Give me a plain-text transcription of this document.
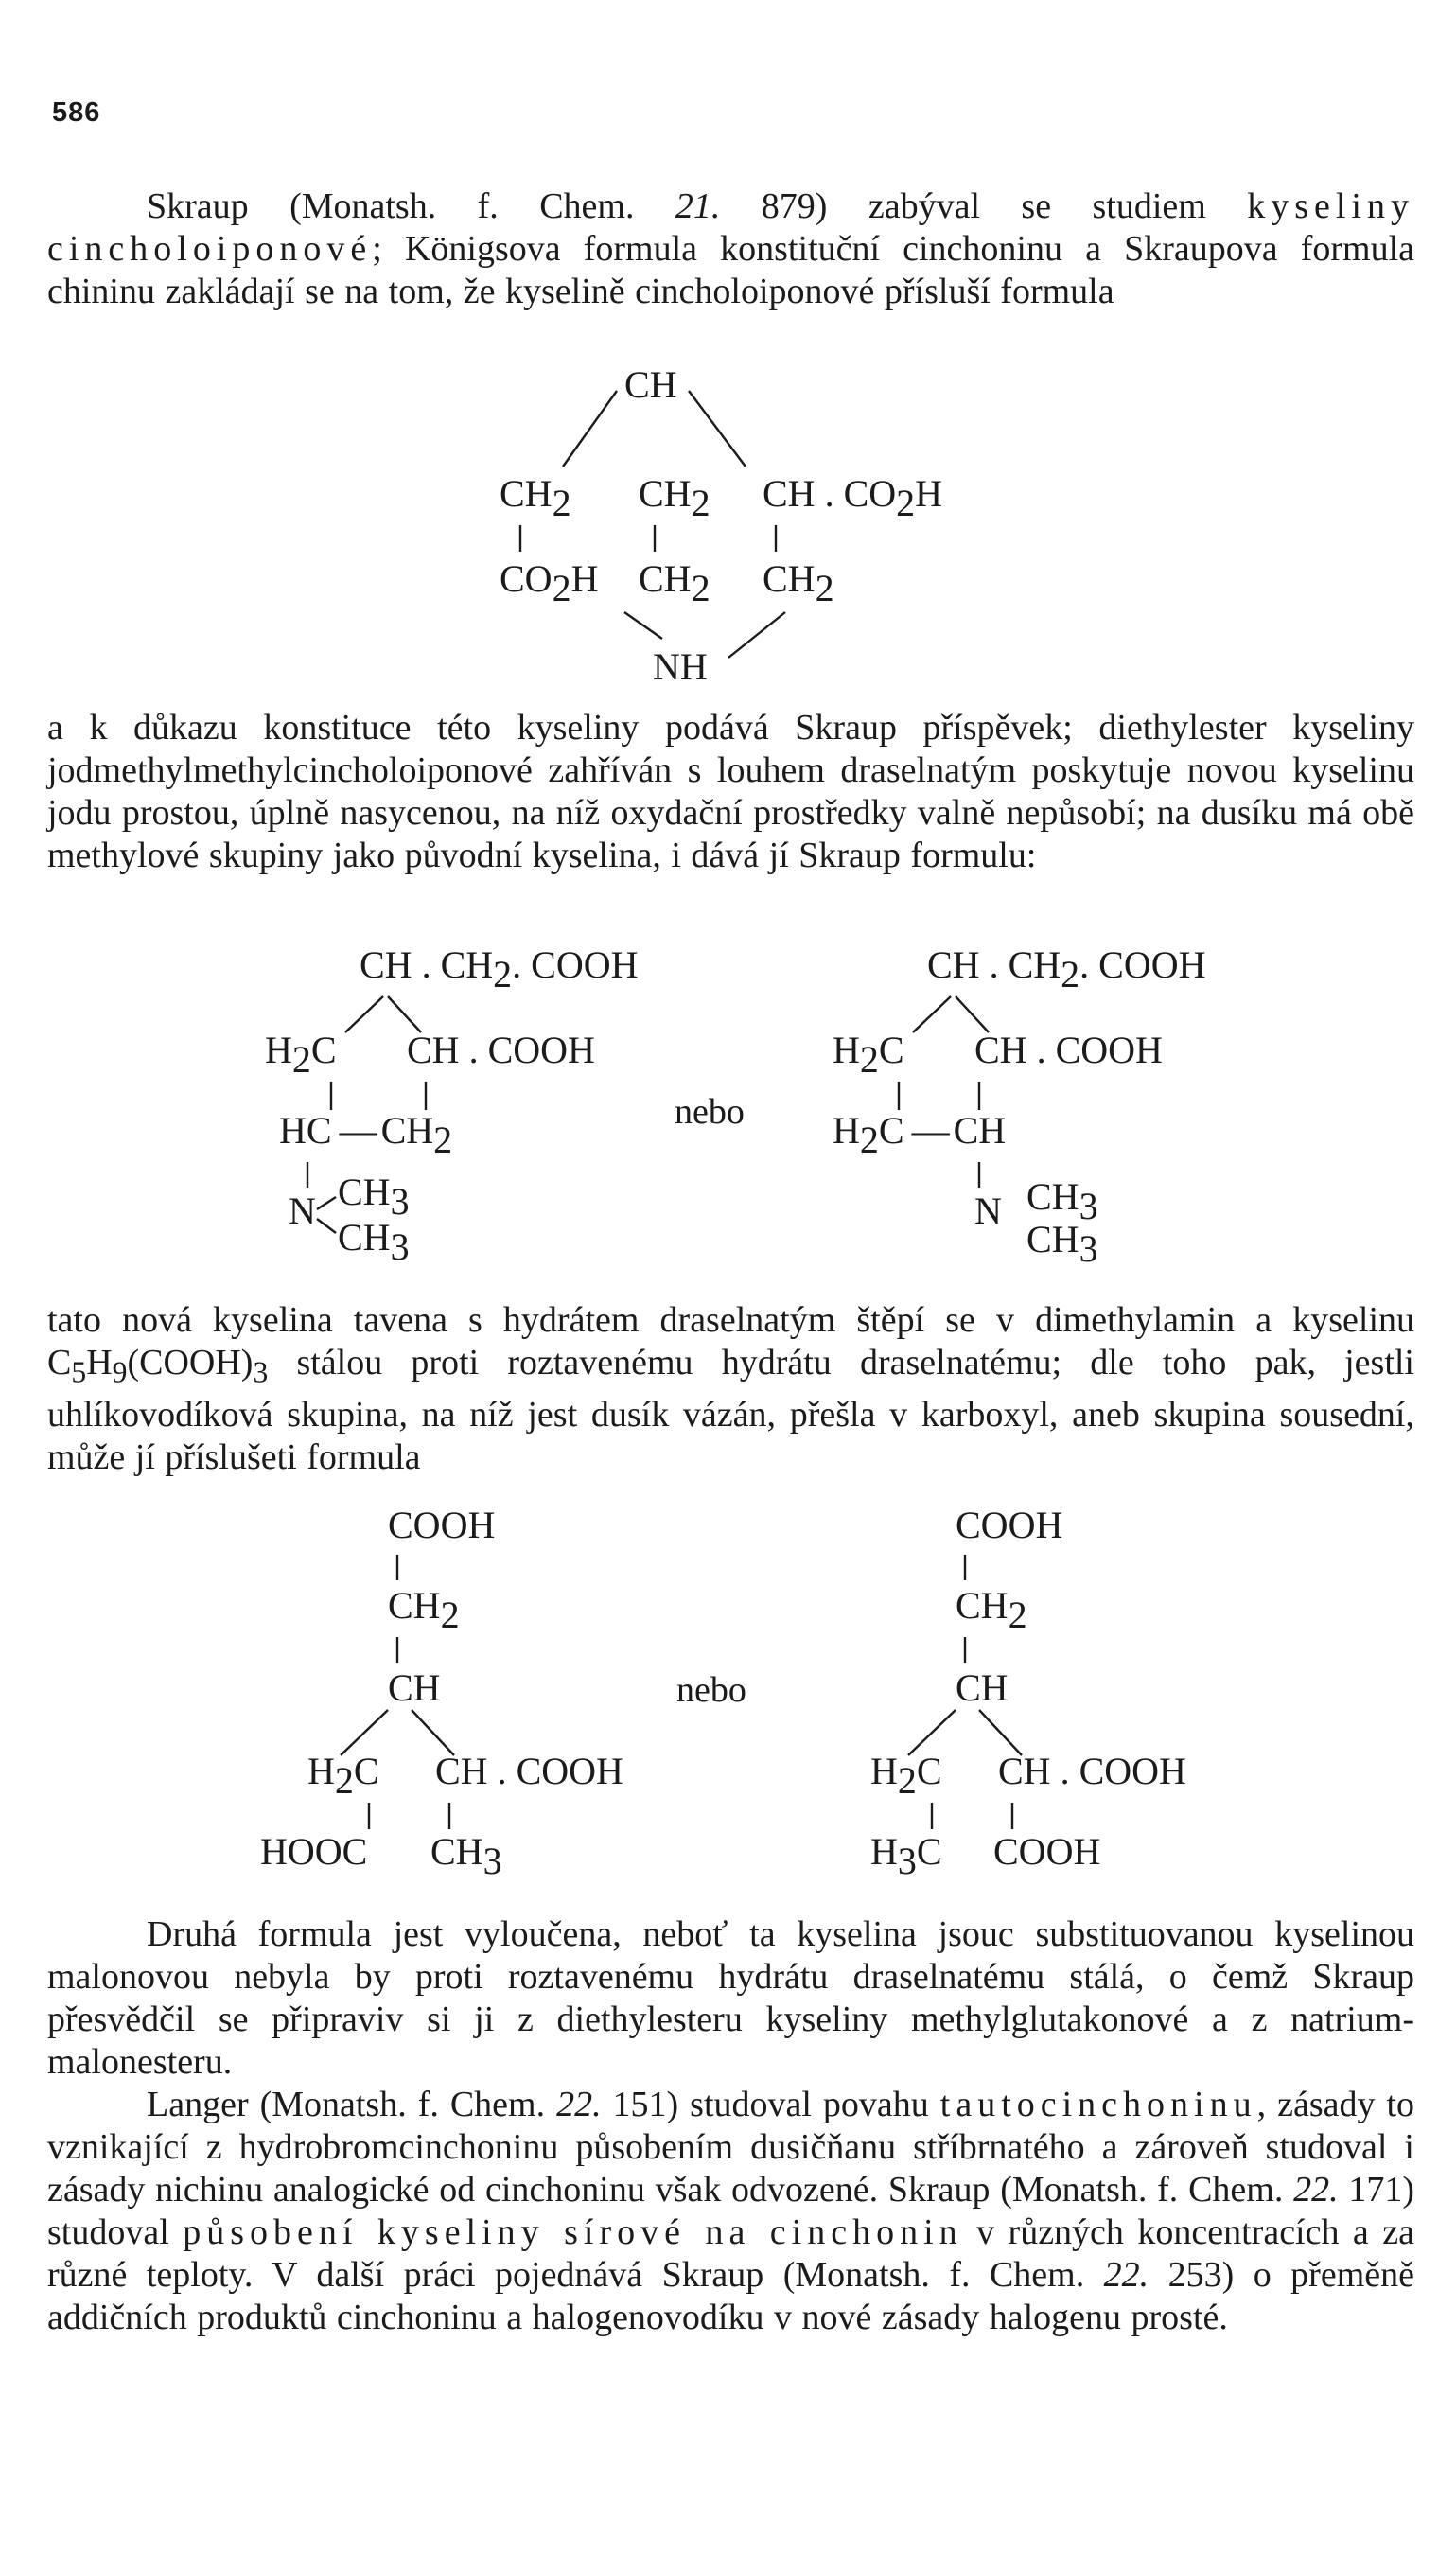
586

Skraup (Monatsh. f. Chem. 21. 879) zabýval se studiem kyseliny cincholoiponové; Königsova formula konstituční cinchoninu a Skraupova formula chininu zakládají se na tom, že kyselině cincholoiponové přísluší formula

CH
CH2 CH2 CH . CO2H
CO2H CH2 CH2
NH

a k důkazu konstituce této kyseliny podává Skraup příspěvek; diethylester kyseliny jodmethylmethylcincholoiponové zahříván s louhem draselnatým poskytuje novou kyselinu jodu prostou, úplně nasycenou, na níž oxydační prostředky valně nepůsobí; na dusíku má obě methylové skupiny jako původní kyselina, i dává jí Skraup formulu:

CH . CH2. COOH
H2C CH . COOH
HC — CH2
N CH3
CH3
nebo
CH . CH2. COOH
H2C CH . COOH
H2C — CH
N CH3
CH3

tato nová kyselina tavena s hydrátem draselnatým štěpí se v dimethylamin a kyselinu $C_5H_9(COOH)_3$ stálou proti roztavenému hydrátu draselnatému; dle toho pak, jestli uhlíkovodíková skupina, na níž jest dusík vázán, přešla v karboxyl, aneb skupina sousední, může jí příslušeti formula

COOH
CH2
CH
H2C CH . COOH
HOOC CH3
nebo
COOH
CH2
CH
H2C CH . COOH
H3C COOH

Druhá formula jest vyloučena, neboť ta kyselina jsouc substituovanou kyselinou malonovou nebyla by proti roztavenému hydrátu draselnatému stálá, o čemž Skraup přesvědčil se připraviv si ji z diethylesteru kyseliny methylglutakonové a z natrium-malonesteru.

Langer (Monatsh. f. Chem. 22. 151) studoval povahu tautocinchoninu, zásady to vznikající z hydrobromcinchoninu působením dusičňanu stříbrnatého a zároveň studoval i zásady nichinu analogické od cinchoninu však odvozené. Skraup (Monatsh. f. Chem. 22. 171) studoval působení kyseliny sírové na cinchonin v různých koncentracích a za různé teploty. V další práci pojednává Skraup (Monatsh. f. Chem. 22. 253) o přeměně addičních produktů cinchoninu a halogenovodíku v nové zásady halogenu prosté.
